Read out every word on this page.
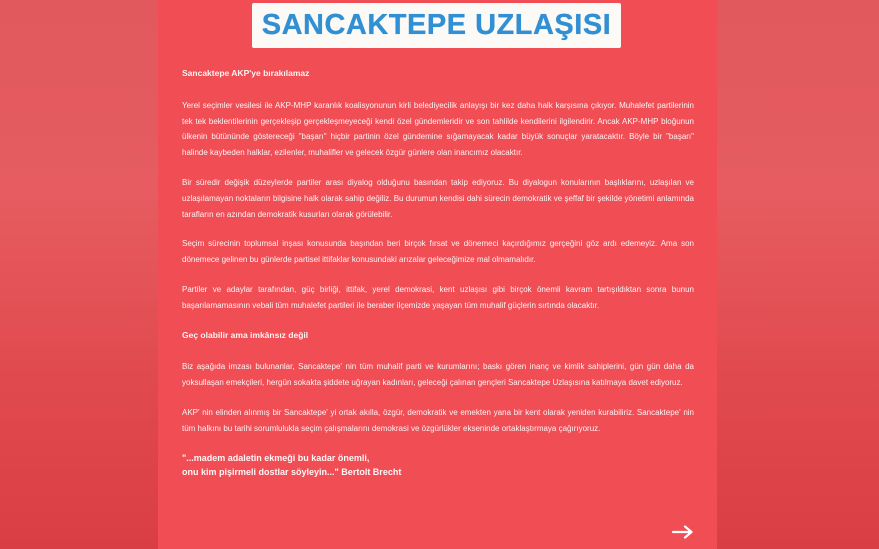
SANCAKTEPE UZLAŞISI

Sancaktepe AKP'ye bırakılamaz

Yerel seçimler vesilesi ile AKP-MHP karanlık koalisyonunun kirli belediyecilik anlayışı bir kez daha halk karşısına çıkıyor. Muhalefet partilerinin tek tek beklentilerinin gerçekleşip gerçekleşmeyeceği kendi özel gündemleridir ve son tahlilde kendilerini ilgilendirir. Ancak AKP-MHP bloğunun ülkenin bütününde göstereceği "başarı" hiçbir partinin özel gündemine sığamayacak kadar büyük sonuçlar yaratacaktır. Böyle bir "başarı" halinde kaybeden halklar, ezilenler, muhalifler ve gelecek özgür günlere olan inancımız olacaktır.

Bir süredir değişik düzeylerde partiler arası diyalog olduğunu basından takip ediyoruz. Bu diyalogun konularının başlıklarını, uzlaşılan ve uzlaşılamayan noktaların bilgisine halk olarak sahip değiliz. Bu durumun kendisi dahi sürecin demokratik ve şeffaf bir şekilde yönetimi anlamında tarafların en azından demokratik kusurları olarak görülebilir.

Seçim sürecinin toplumsal inşası konusunda başından beri birçok fırsat ve dönemeci kaçırdığımız gerçeğini göz ardı edemeyiz. Ama son dönemece gelinen bu günlerde partisel ittifaklar konusundaki arızalar geleceğimize mal olmamalıdır.

Partiler ve adaylar tarafından, güç birliği, ittifak, yerel demokrasi, kent uzlaşısı gibi birçok önemli kavram tartışıldıktan sonra bunun başarılamamasının vebali tüm muhalefet partileri ile beraber ilçemizde yaşayan tüm muhalif güçlerin sırtında olacaktır.

Geç olabilir ama imkânsız değil

Biz aşağıda imzası bulunanlar, Sancaktepe' nin tüm muhalif parti ve kurumlarını; baskı gören inanç ve kimlik sahiplerini, gün gün daha da yoksullaşan emekçileri, hergün sokakta şiddete uğrayan kadınları, geleceği çalınan gençleri Sancaktepe Uzlaşısına katılmaya davet ediyoruz.

AKP' nin elinden alınmış bir Sancaktepe' yi ortak akılla, özgür, demokratik ve emekten yana bir kent olarak yeniden kurabiliriz. Sancaktepe' nin tüm halkını bu tarihi sorumlulukla seçim çalışmalarını demokrasi ve özgürlükler ekseninde ortaklaştırmaya çağırıyoruz.

"...madem adaletin ekmeği bu kadar önemli,
onu kim pişirmeli dostlar söyleyin..." Bertolt Brecht
